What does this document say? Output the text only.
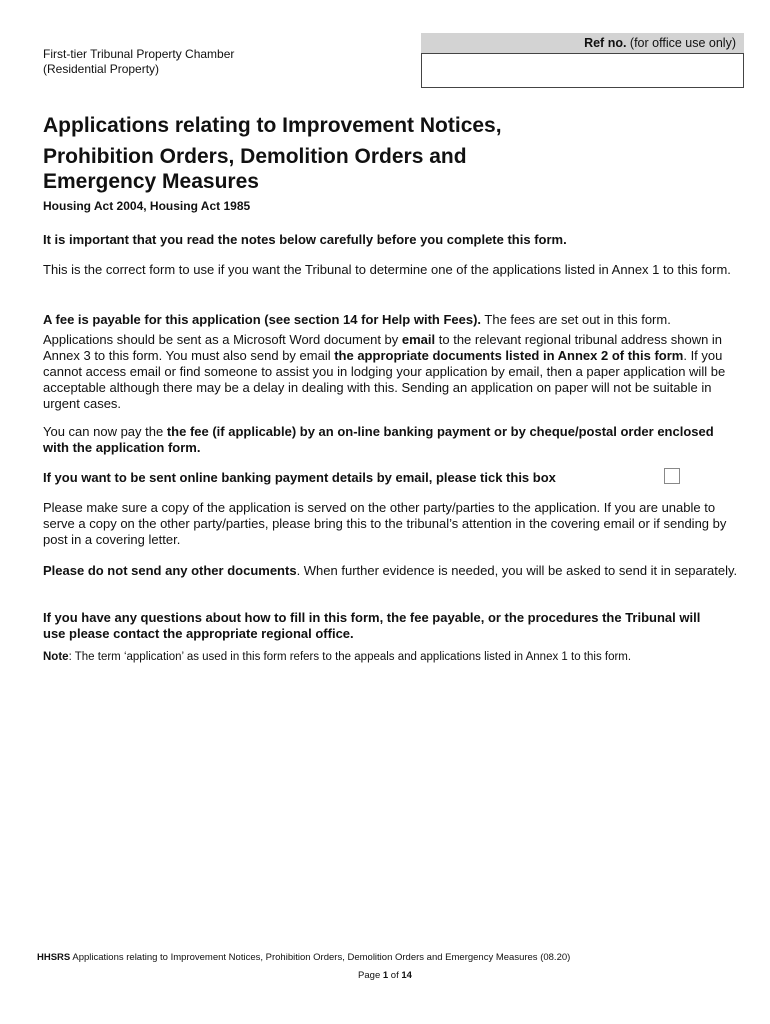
First-tier Tribunal Property Chamber
(Residential Property)
Ref no. (for office use only)
Applications relating to Improvement Notices,
Prohibition Orders, Demolition Orders and
Emergency Measures
Housing Act 2004, Housing Act 1985

It is important that you read the notes below carefully before you complete this form.

This is the correct form to use if you want the Tribunal to determine one of the applications listed in Annex 1 to this form.

A fee is payable for this application (see section 14 for Help with Fees). The fees are set out in this form.

Applications should be sent as a Microsoft Word document by email to the relevant regional tribunal address shown in Annex 3 to this form. You must also send by email the appropriate documents listed in Annex 2 of this form. If you cannot access email or find someone to assist you in lodging your application by email, then a paper application will be acceptable although there may be a delay in dealing with this. Sending an application on paper will not be suitable in urgent cases.

You can now pay the the fee (if applicable) by an on-line banking payment or by cheque/postal order enclosed with the application form.

If you want to be sent online banking payment details by email, please tick this box

Please make sure a copy of the application is served on the other party/parties to the application. If you are unable to serve a copy on the other party/parties, please bring this to the tribunal’s attention in the covering email or if sending by post in a covering letter.

Please do not send any other documents. When further evidence is needed, you will be asked to send it in separately.

If you have any questions about how to fill in this form, the fee payable, or the procedures the Tribunal will use please contact the appropriate regional office.

Note: The term ‘application’ as used in this form refers to the appeals and applications listed in Annex 1 to this form.
HHSRS Applications relating to Improvement Notices, Prohibition Orders, Demolition Orders and Emergency Measures (08.20)
Page 1 of 14
